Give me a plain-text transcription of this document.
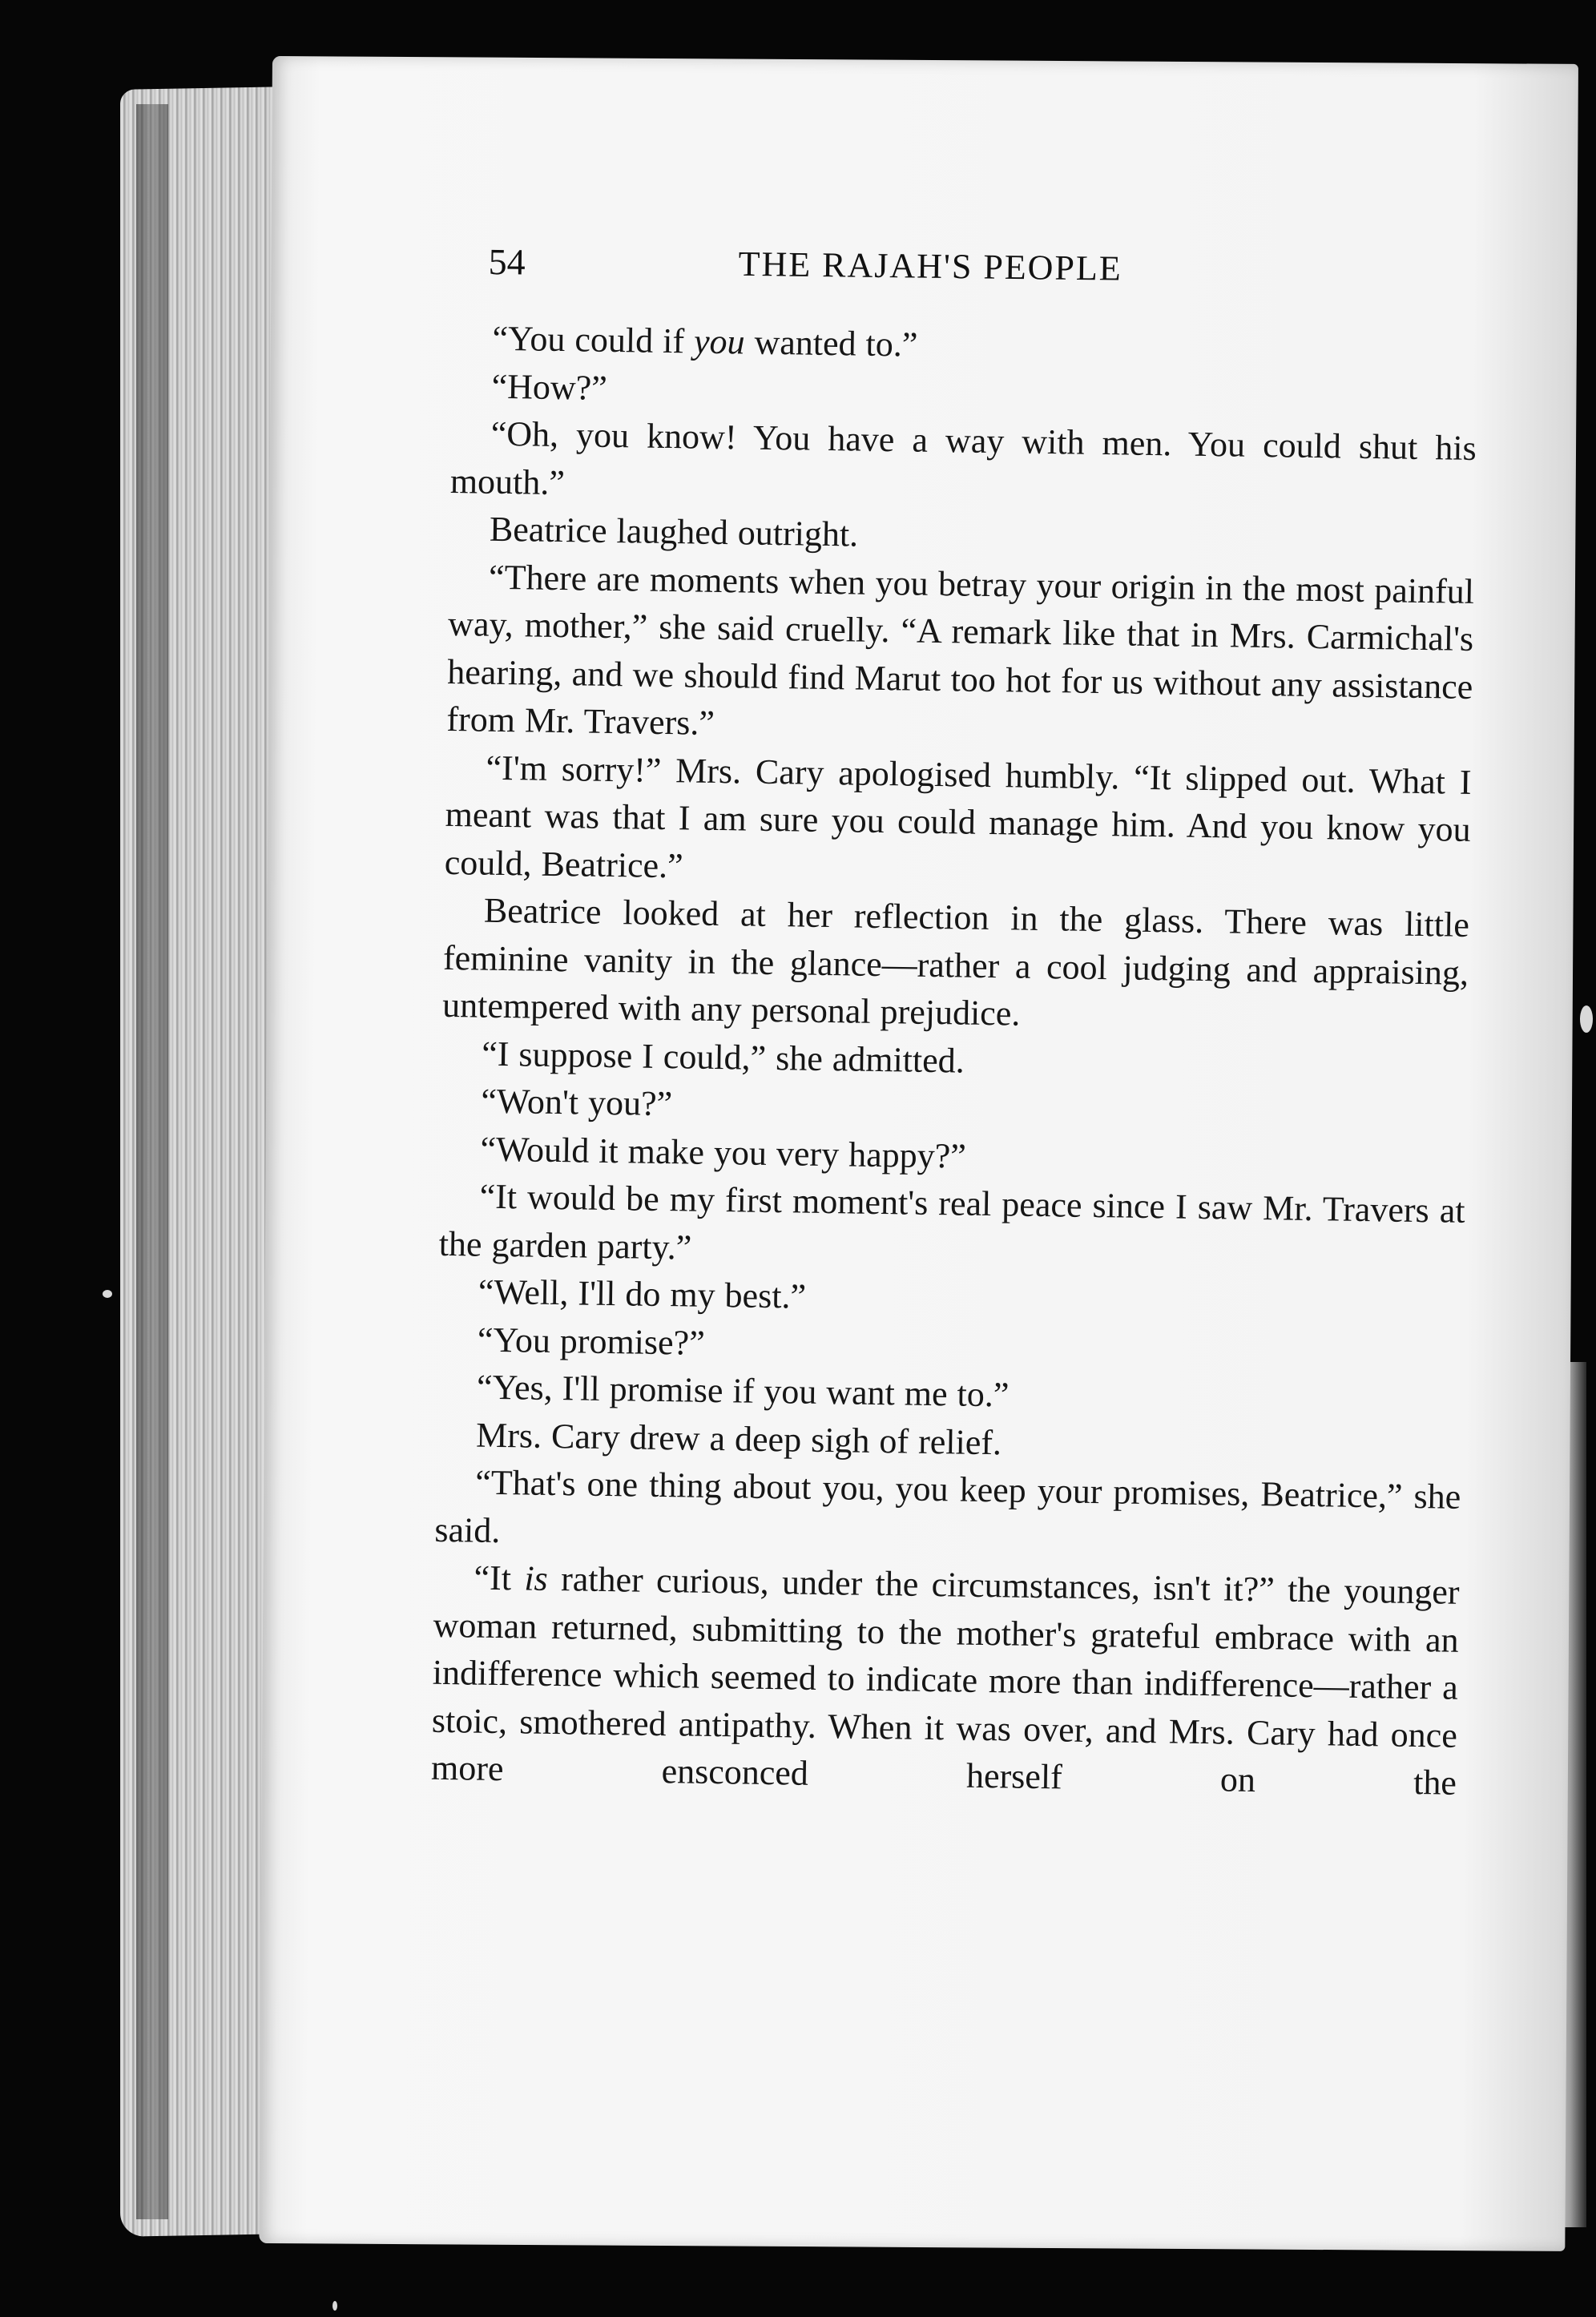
54	THE RAJAH'S PEOPLE

“You could if you wanted to.”

“How?”

“Oh, you know! You have a way with men. You could shut his mouth.”

Beatrice laughed outright.

“There are moments when you betray your origin in the most painful way, mother,” she said cruelly. “A remark like that in Mrs. Carmichal's hearing, and we should find Marut too hot for us without any assistance from Mr. Travers.”

“I'm sorry!” Mrs. Cary apologised humbly. “It slipped out. What I meant was that I am sure you could manage him. And you know you could, Beatrice.”

Beatrice looked at her reflection in the glass. There was little feminine vanity in the glance—rather a cool judging and appraising, untempered with any personal prejudice.

“I suppose I could,” she admitted.

“Won't you?”

“Would it make you very happy?”

“It would be my first moment's real peace since I saw Mr. Travers at the garden party.”

“Well, I'll do my best.”

“You promise?”

“Yes, I'll promise if you want me to.”

Mrs. Cary drew a deep sigh of relief.

“That's one thing about you, you keep your promises, Beatrice,” she said.

“It is rather curious, under the circumstances, isn't it?” the younger woman returned, submitting to the mother's grateful embrace with an indifference which seemed to indicate more than indifference—rather a stoic, smothered antipathy. When it was over, and Mrs. Cary had once more ensconced herself on the
